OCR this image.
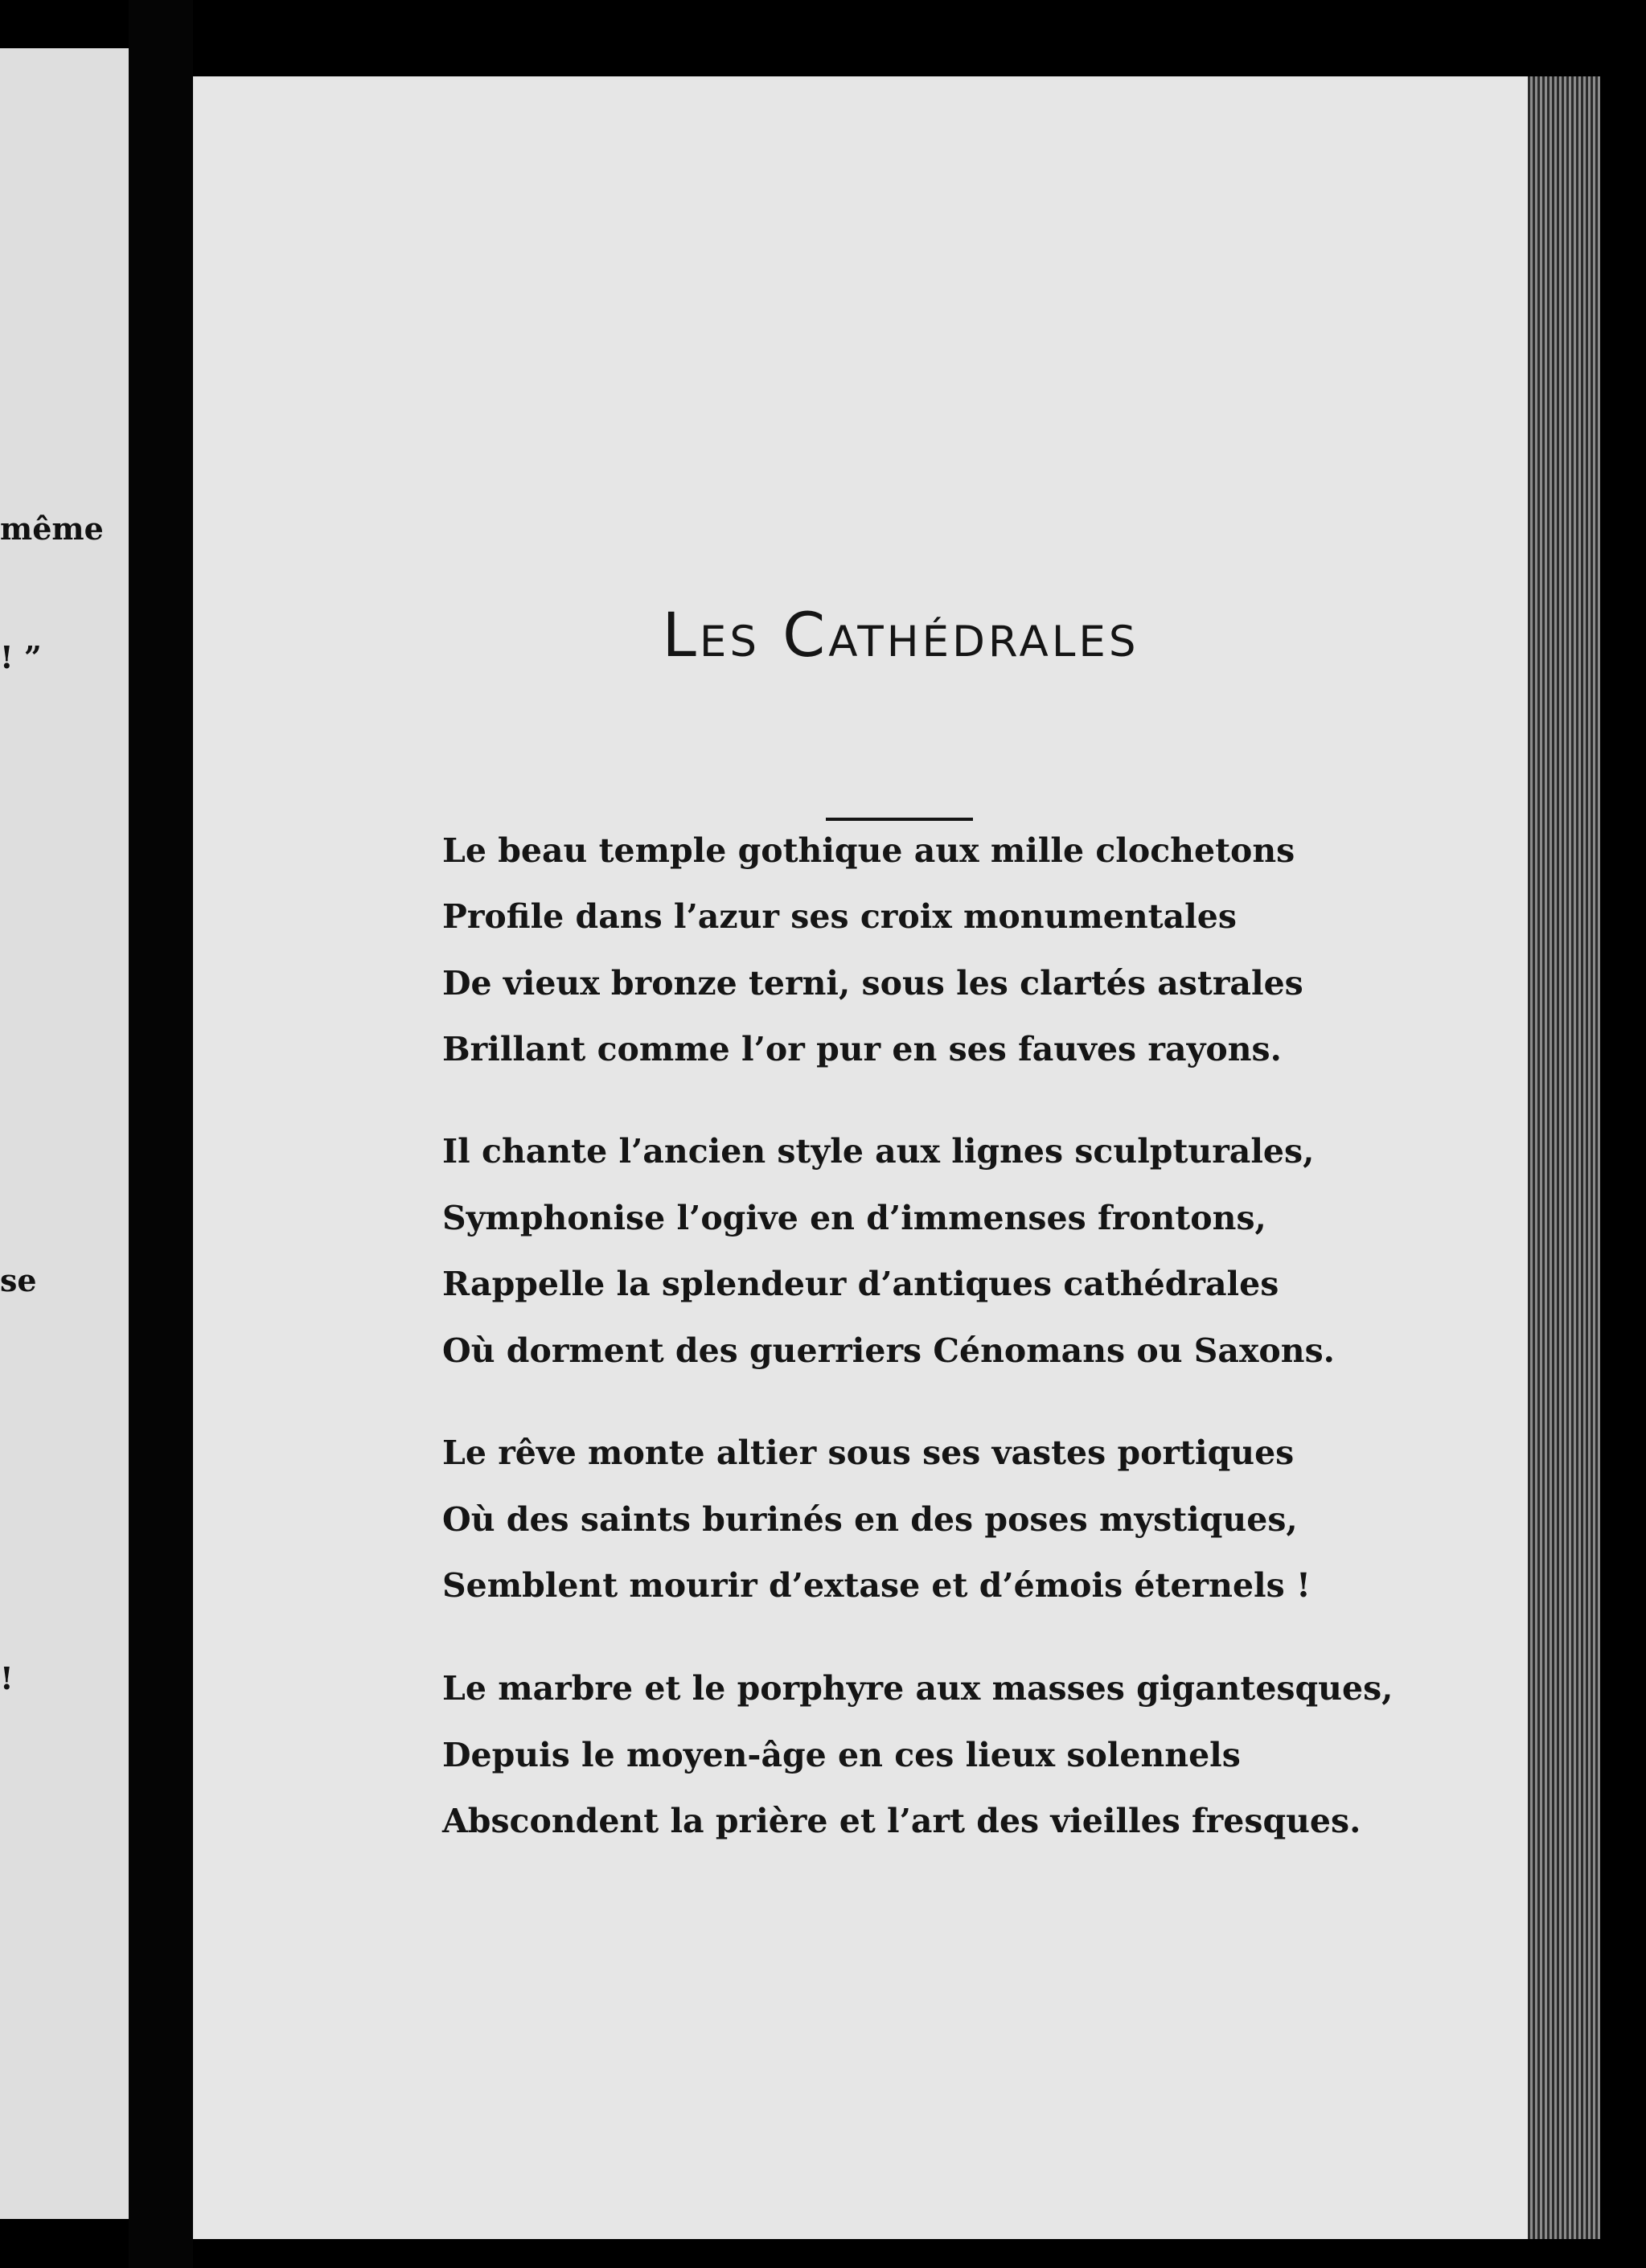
même
! ”
se
!
Les Cathédrales
Le beau temple gothique aux mille clochetons
Profile dans l’azur ses croix monumentales
De vieux bronze terni, sous les clartés astrales
Brillant comme l’or pur en ses fauves rayons.
Il chante l’ancien style aux lignes sculpturales,
Symphonise l’ogive en d’immenses frontons,
Rappelle la splendeur d’antiques cathédrales
Où dorment des guerriers Cénomans ou Saxons.
Le rêve monte altier sous ses vastes portiques
Où des saints burinés en des poses mystiques,
Semblent mourir d’extase et d’émois éternels !
Le marbre et le porphyre aux masses gigantesques,
Depuis le moyen-âge en ces lieux solennels
Abscondent la prière et l’art des vieilles fresques.
